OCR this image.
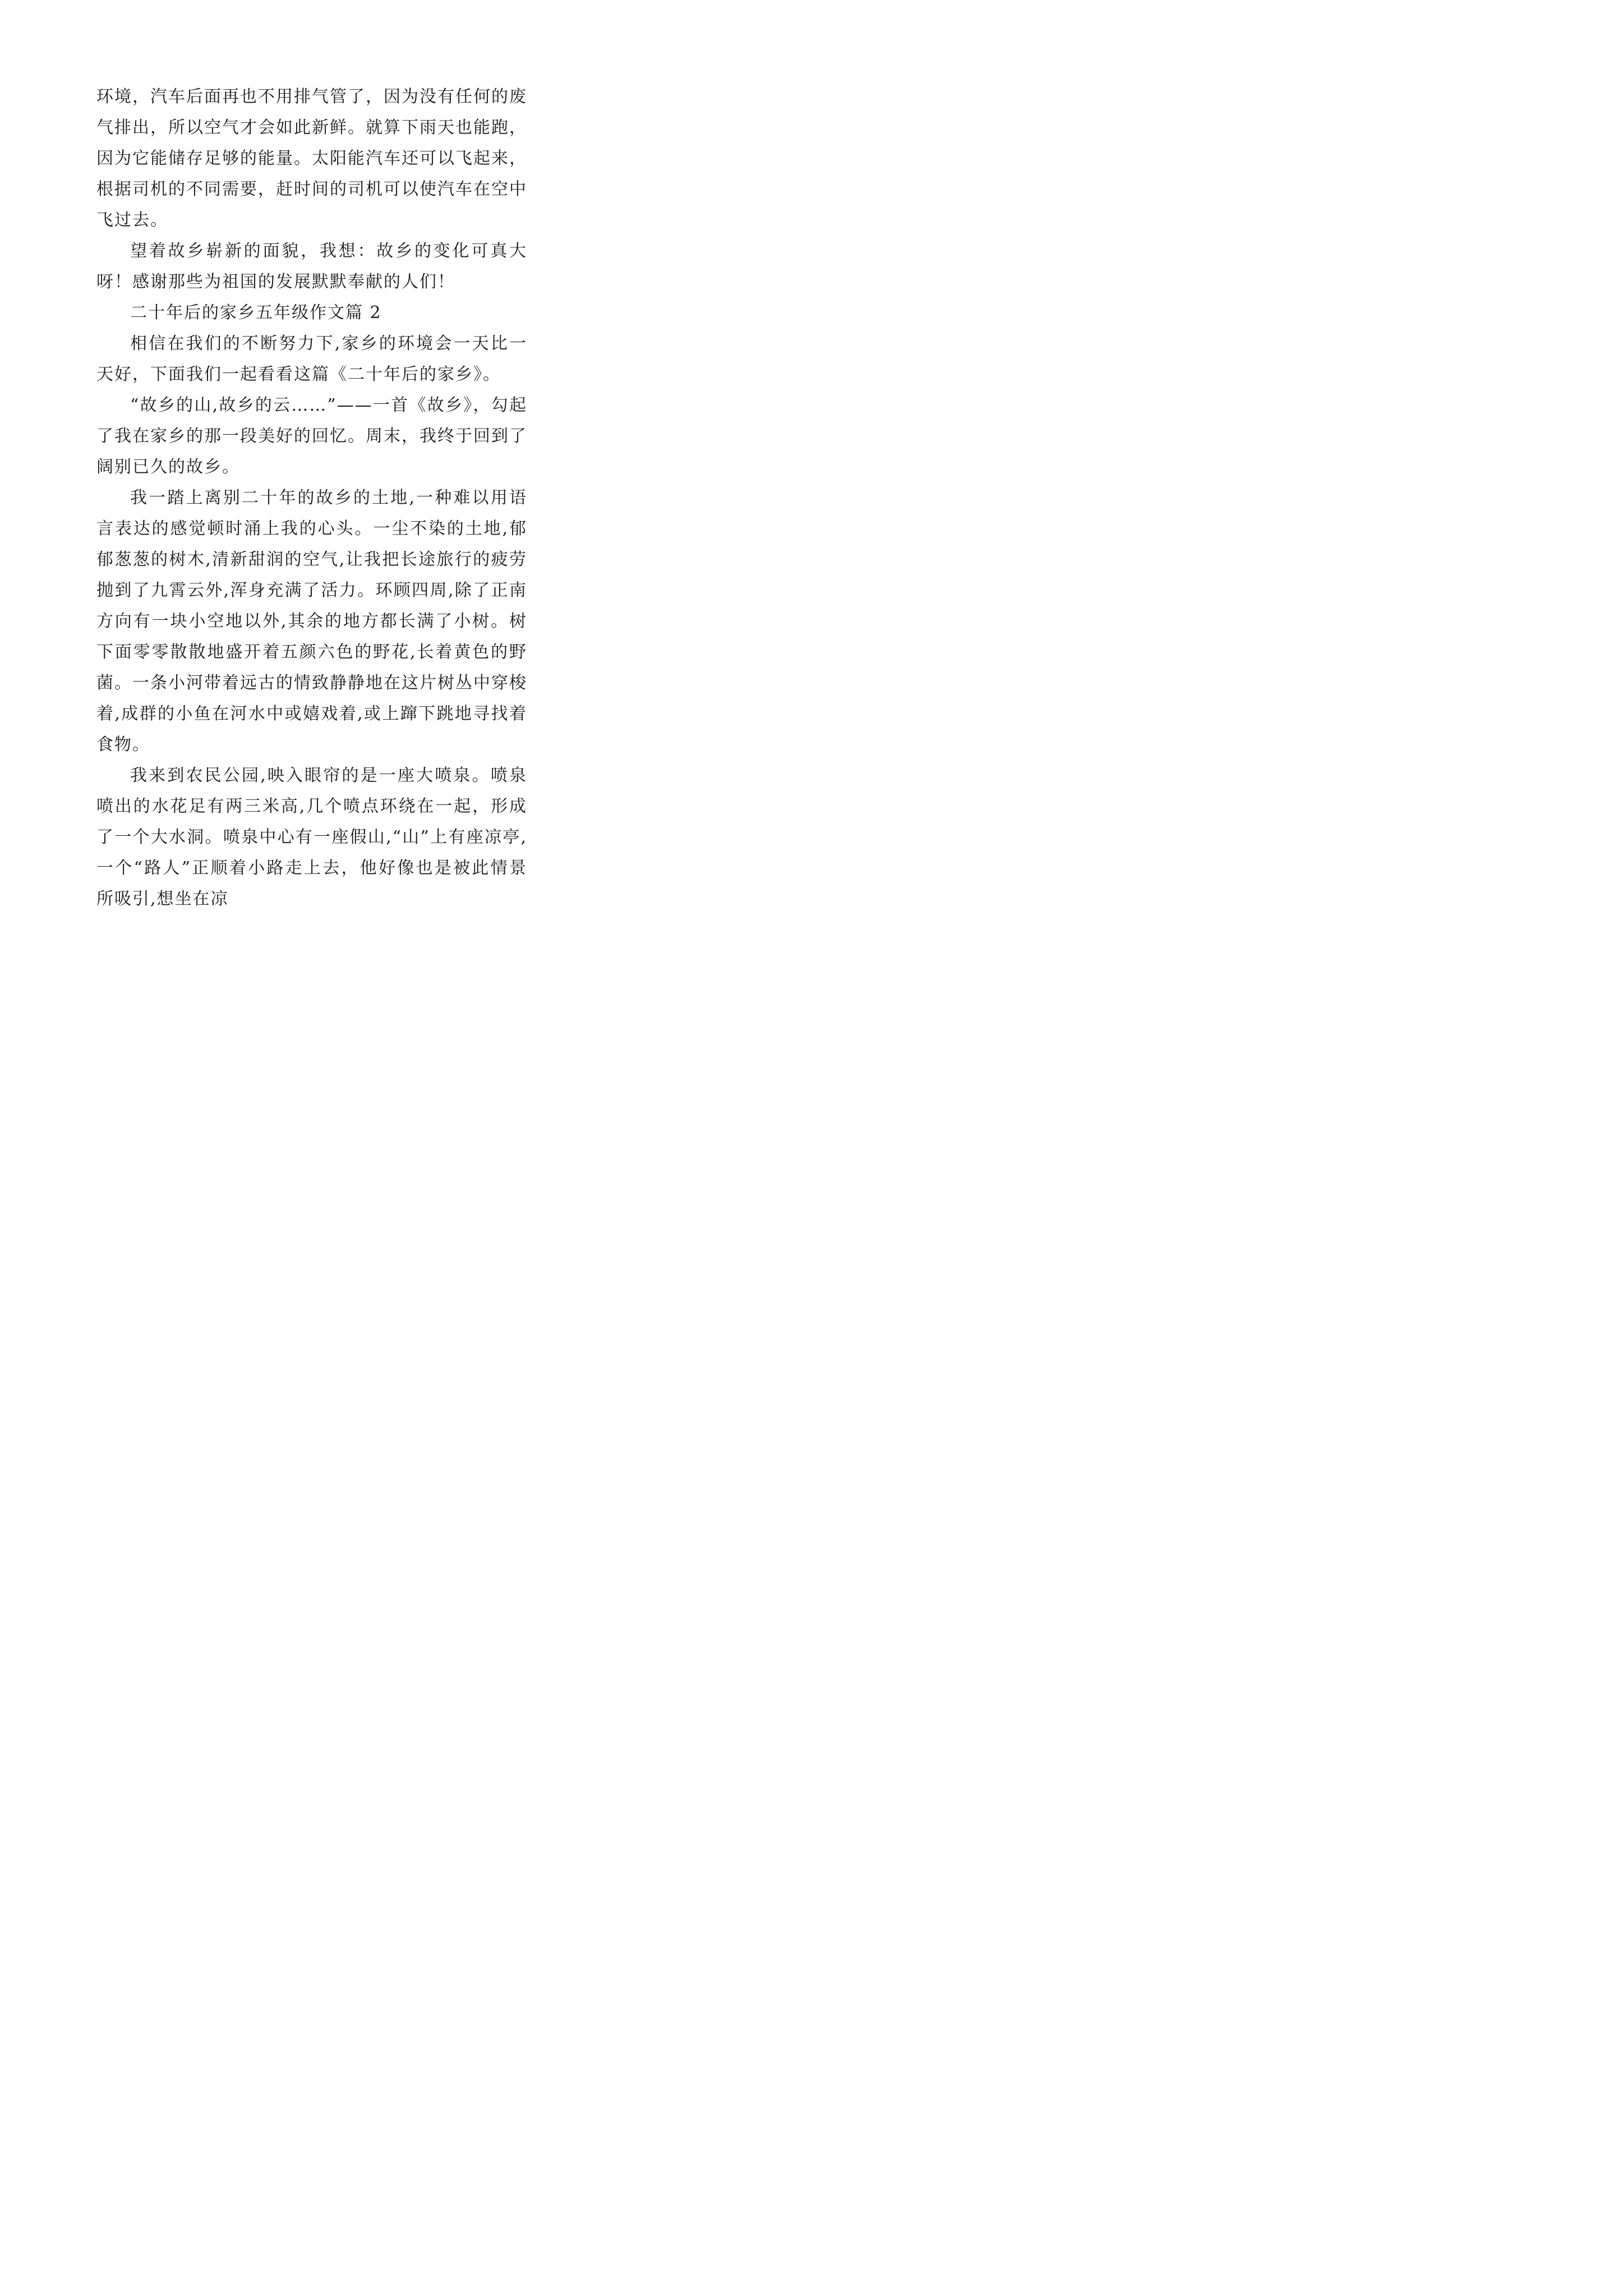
环境，汽车后面再也不用排气管了，因为没有任何的废气排出，所以空气才会如此新鲜。就算下雨天也能跑，因为它能储存足够的能量。太阳能汽车还可以飞起来，根据司机的不同需要，赶时间的司机可以使汽车在空中飞过去。

望着故乡崭新的面貌，我想：故乡的变化可真大呀！感谢那些为祖国的发展默默奉献的人们！

二十年后的家乡五年级作文篇 2

相信在我们的不断努力下,家乡的环境会一天比一天好，下面我们一起看看这篇《二十年后的家乡》。

“故乡的山,故乡的云……”——一首《故乡》，勾起了我在家乡的那一段美好的回忆。周末，我终于回到了阔别已久的故乡。

我一踏上离别二十年的故乡的土地,一种难以用语言表达的感觉顿时涌上我的心头。一尘不染的土地,郁郁葱葱的树木,清新甜润的空气,让我把长途旅行的疲劳抛到了九霄云外,浑身充满了活力。环顾四周,除了正南方向有一块小空地以外,其余的地方都长满了小树。树下面零零散散地盛开着五颜六色的野花,长着黄色的野菌。一条小河带着远古的情致静静地在这片树丛中穿梭着,成群的小鱼在河水中或嬉戏着,或上蹿下跳地寻找着食物。

我来到农民公园,映入眼帘的是一座大喷泉。喷泉喷出的水花足有两三米高,几个喷点环绕在一起，形成了一个大水洞。喷泉中心有一座假山,“山”上有座凉亭,一个“路人”正顺着小路走上去，他好像也是被此情景所吸引,想坐在凉
